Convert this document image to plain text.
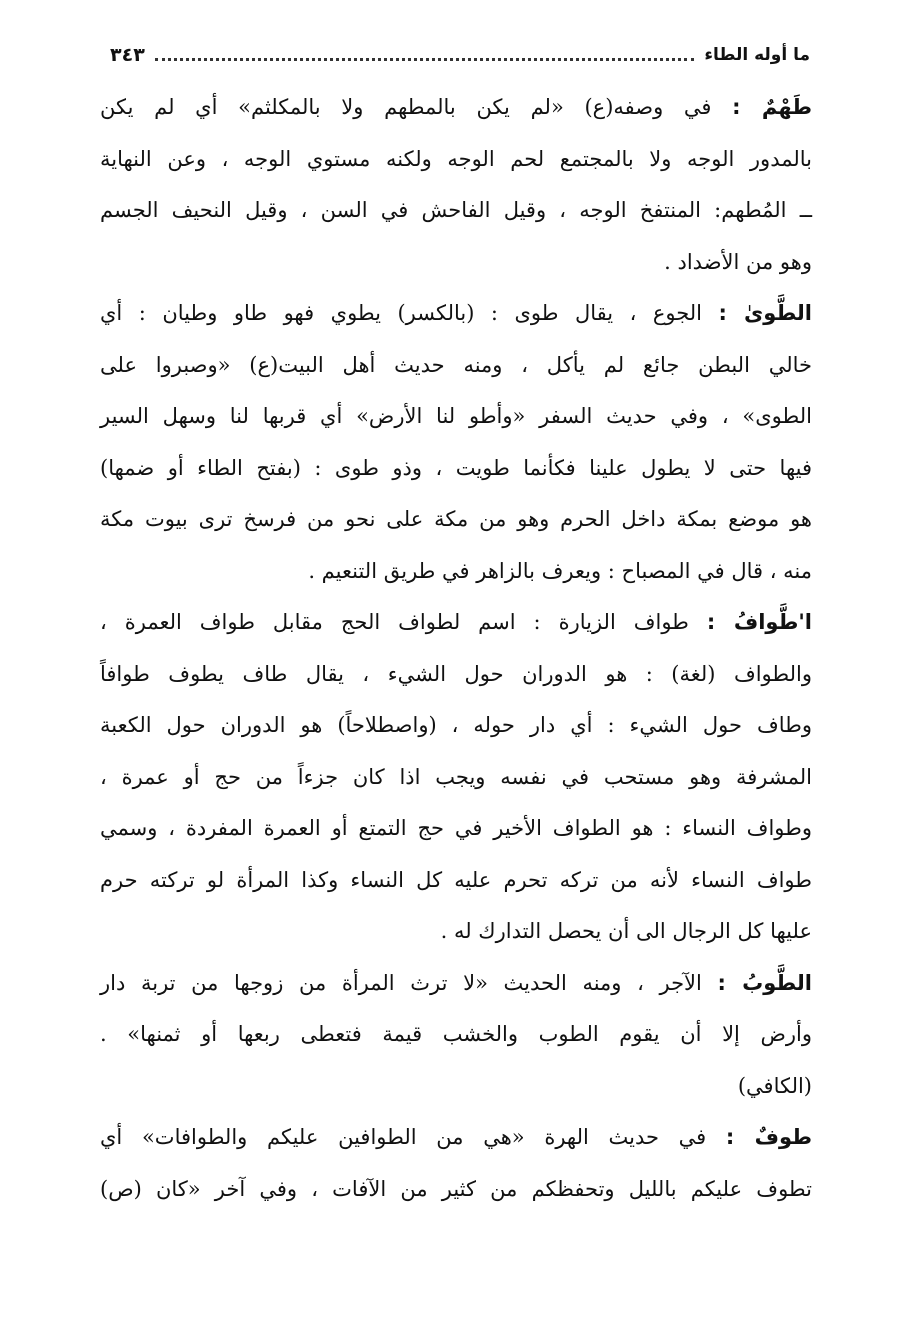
٣٤٣	ما أوله الطاء
طَهْمٌ : في وصفه(ع) «لم يكن بالمطهم ولا بالمكلثم» أي لم يكن
بالمدور الوجه ولا بالمجتمع لحم الوجه ولكنه مستوي الوجه ، وعن النهاية
ــ المُطهم: المنتفخ الوجه ، وقيل الفاحش في السن ، وقيل النحيف الجسم
وهو من الأضداد .
الطَّوىٰ : الجوع ، يقال طوى : (بالكسر) يطوي فهو طاو وطيان : أي
خالي البطن جائع لم يأكل ، ومنه حديث أهل البيت(ع) «وصبروا على
الطوى» ، وفي حديث السفر «وأطو لنا الأرض» أي قربها لنا وسهل السير
فيها حتى لا يطول علينا فكأنما طويت ، وذو طوى : (بفتح الطاء أو ضمها)
هو موضع بمكة داخل الحرم وهو من مكة على نحو من فرسخ ترى بيوت مكة
منه ، قال في المصباح : ويعرف بالزاهر في طريق التنعيم .
ا'طَّوافُ : طواف الزيارة : اسم لطواف الحج مقابل طواف العمرة ،
والطواف (لغة) : هو الدوران حول الشيء ، يقال طاف يطوف طوافاً
وطاف حول الشيء : أي دار حوله ، (واصطلاحاً) هو الدوران حول الكعبة
المشرفة وهو مستحب في نفسه ويجب اذا كان جزءاً من حج أو عمرة ،
وطواف النساء : هو الطواف الأخير في حج التمتع أو العمرة المفردة ، وسمي
طواف النساء لأنه من تركه تحرم عليه كل النساء وكذا المرأة لو تركته حرم
عليها كل الرجال الى أن يحصل التدارك له .
الطَّوبُ : الآجر ، ومنه الحديث «لا ترث المرأة من زوجها من تربة دار
وأرض إلا أن يقوم الطوب والخشب قيمة فتعطى ربعها أو ثمنها» .
(الكافي)
طوفٌ : في حديث الهرة «هي من الطوافين عليكم والطوافات» أي
تطوف عليكم بالليل وتحفظكم من كثير من الآفات ، وفي آخر «كان (ص)
